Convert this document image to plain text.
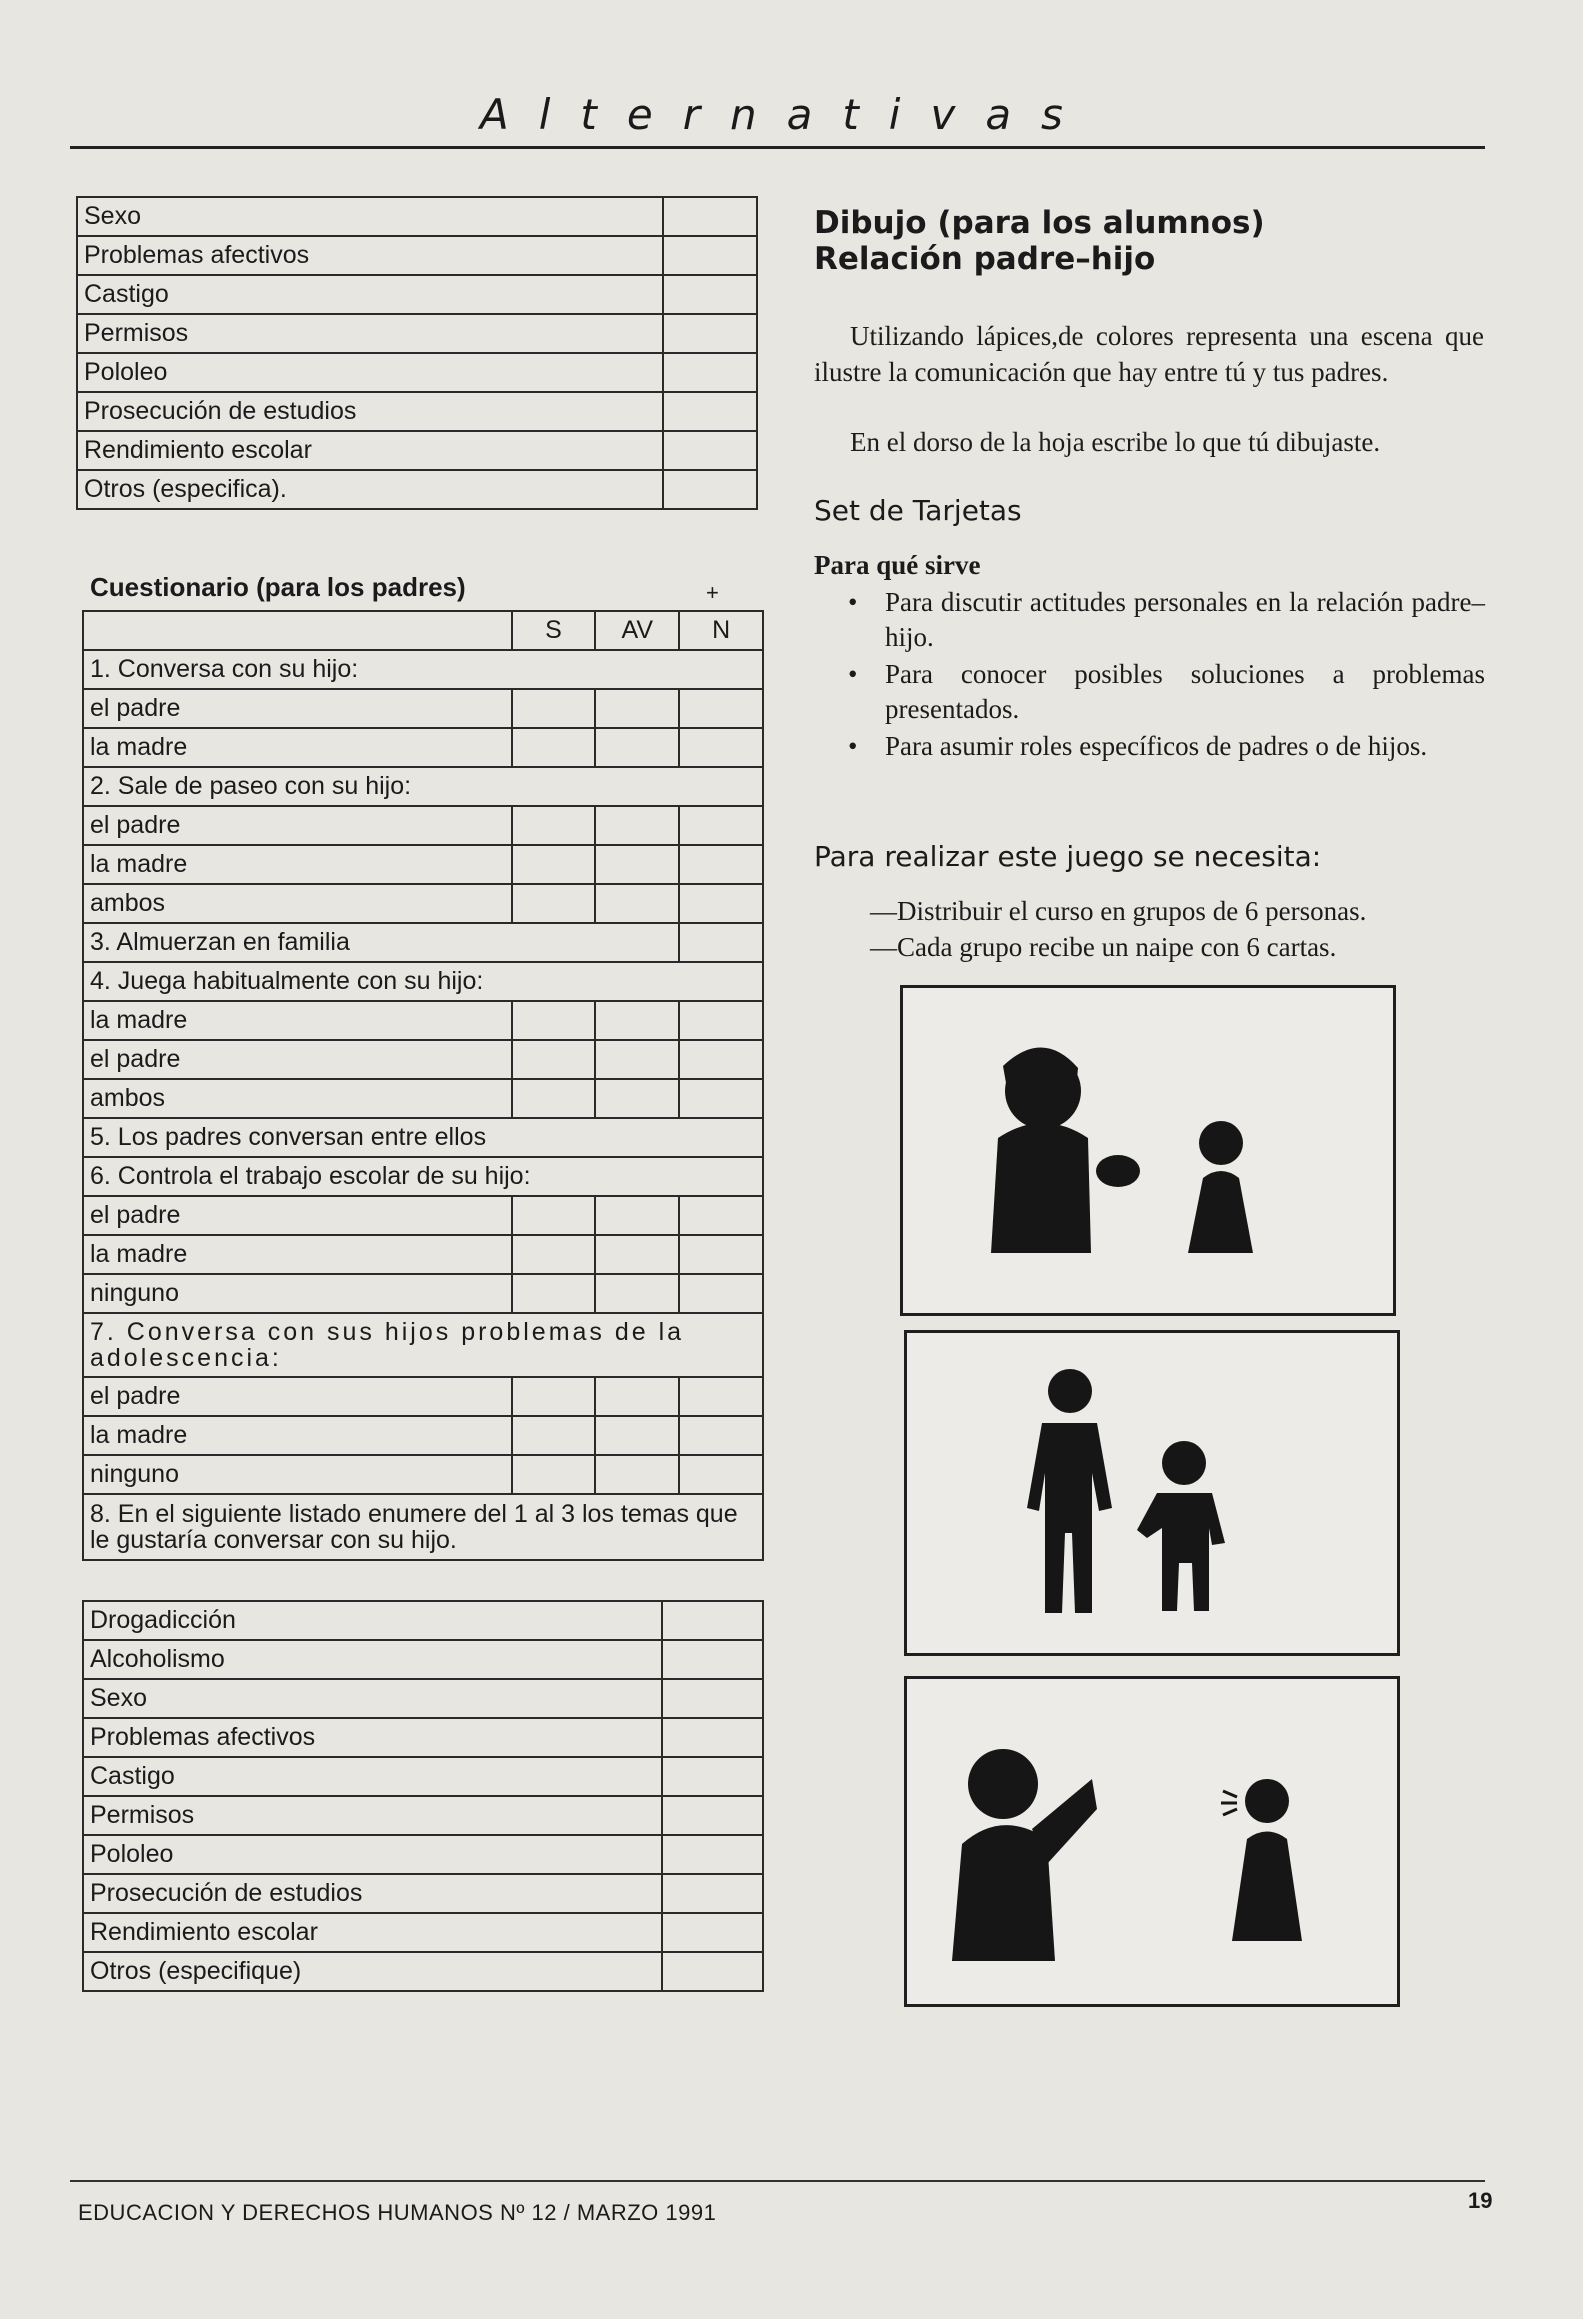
Alternativas
Sexo	
Problemas afectivos	
Castigo	
Permisos	
Pololeo	
Prosecución de estudios	
Rendimiento escolar	
Otros (especifica).	
Cuestionario (para los padres)	+
	S	AV	N
1. Conversa con su hijo:			
el padre			
la madre			
2. Sale de paseo con su hijo:			
el padre			
la madre			
ambos			
3. Almuerzan en familia			
4. Juega habitualmente con su hijo:			
la madre			
el padre			
ambos			
5. Los padres conversan entre ellos			
6. Controla el trabajo escolar de su hijo:			
el padre			
la madre			
ninguno			
7. Conversa con sus hijos problemas de la adolescencia:			
el padre			
la madre			
ninguno			
8. En el siguiente listado enumere del 1 al 3 los temas que le gustaría conversar con su hijo.			
Drogadicción	
Alcoholismo	
Sexo	
Problemas afectivos	
Castigo	
Permisos	
Pololeo	
Prosecución de estudios	
Rendimiento escolar	
Otros (especifique)	
Dibujo (para los alumnos)
Relación padre–hijo
Utilizando lápices,de colores representa una escena que ilustre la comunicación que hay entre tú y tus padres.
En el dorso de la hoja escribe lo que tú dibujaste.
Set de Tarjetas
Para qué sirve
• Para discutir actitudes personales en la relación padre–hijo.
• Para conocer posibles soluciones a problemas presentados.
• Para asumir roles específicos de padres o de hijos.
Para realizar este juego se necesita:
—Distribuir el curso en grupos de 6 personas.
—Cada grupo recibe un naipe con 6 cartas.
EDUCACION Y DERECHOS HUMANOS Nº 12 / MARZO 1991	19
